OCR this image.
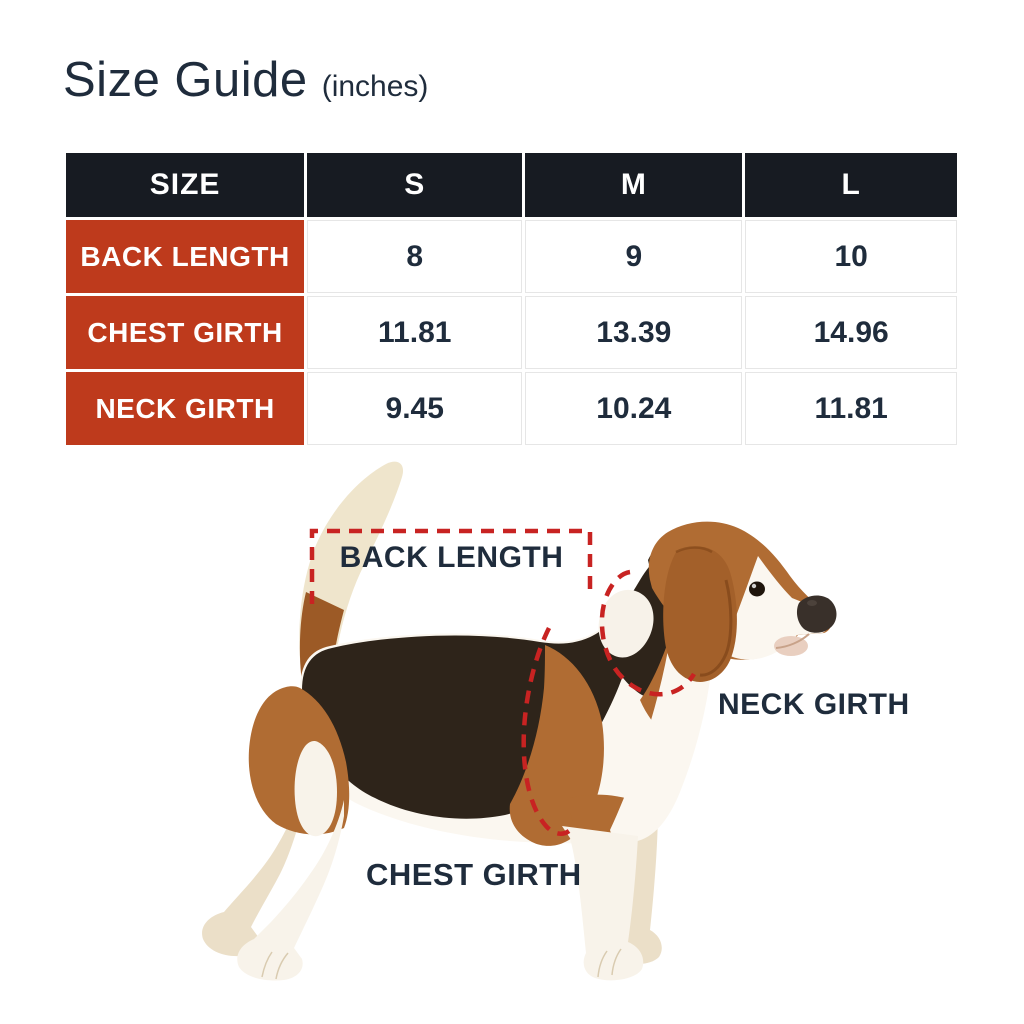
Size Guide (inches)
SIZE	S	M	L
BACK LENGTH	8	9	10
CHEST GIRTH	11.81	13.39	14.96
NECK GIRTH	9.45	10.24	11.81
BACK LENGTH
NECK GIRTH
CHEST GIRTH
